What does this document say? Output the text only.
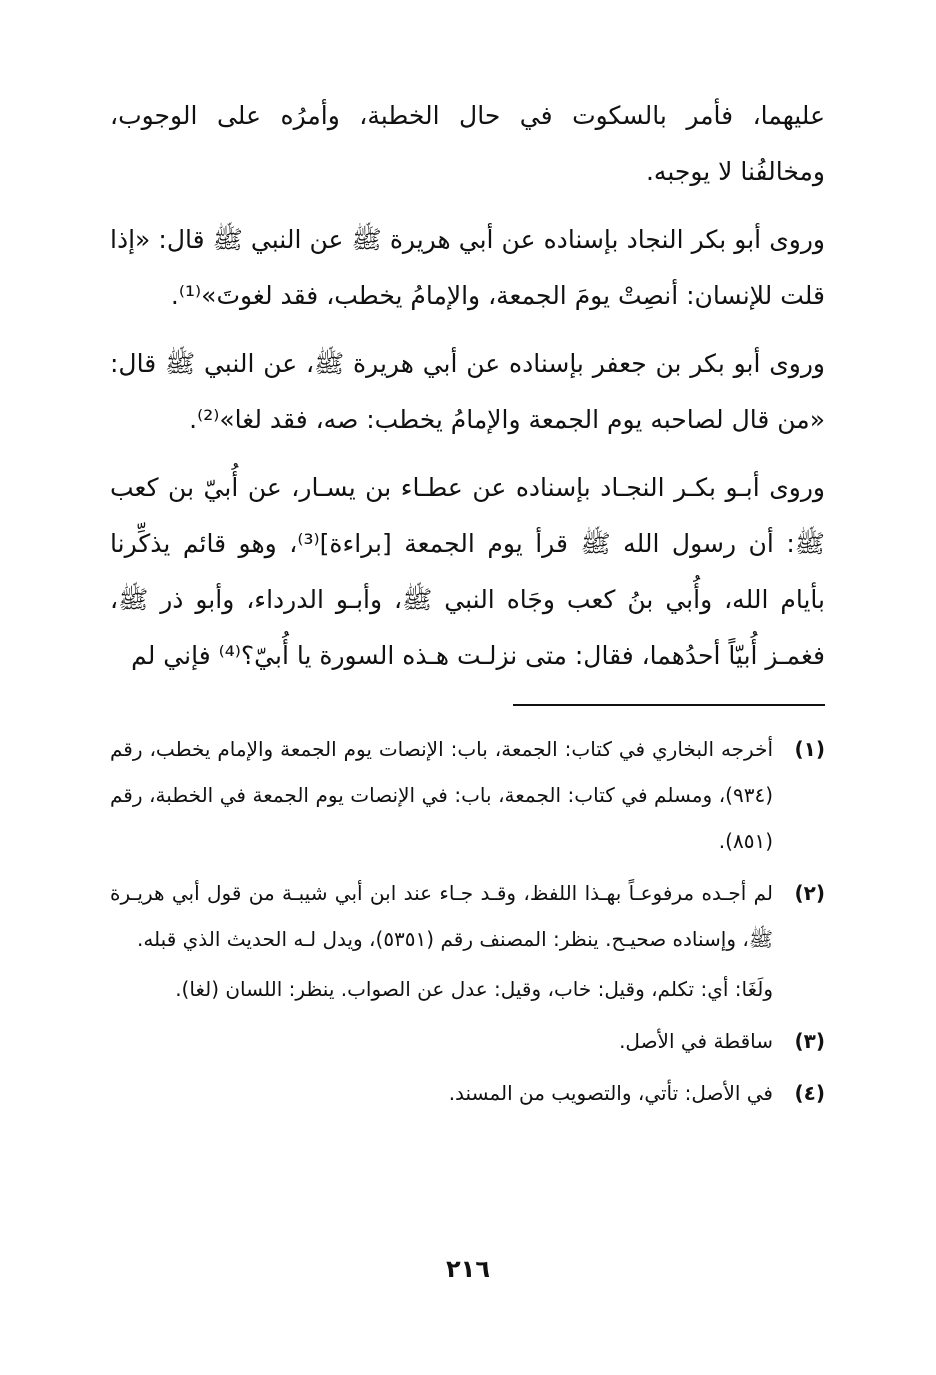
عليهما، فأمر بالسكوت في حال الخطبة، وأمرُه على الوجوب، ومخالفُنا لا يوجبه.

وروى أبو بكر النجاد بإسناده عن أبي هريرة ﷺ عن النبي ﷺ قال: «إذا قلت للإنسان: أنصِتْ يومَ الجمعة، والإمامُ يخطب، فقد لغوتَ»⁽¹⁾.

وروى أبو بكر بن جعفر بإسناده عن أبي هريرة ﷺ، عن النبي ﷺ قال: «من قال لصاحبه يوم الجمعة والإمامُ يخطب: صه، فقد لغا»⁽²⁾.

وروى أبـو بكـر النجـاد بإسناده عن عطـاء بن يسـار، عن أُبيّ بن كعب ﷺ: أن رسول الله ﷺ قرأ يوم الجمعة [براءة]⁽³⁾، وهو قائم يذكِّرنا بأيام الله، وأُبي بنُ كعب وجَاه النبي ﷺ، وأبـو الدرداء، وأبو ذر ﷺ، فغمـز أُبيّاً أحدُهما، فقال: متى نزلـت هـذه السورة يا أُبيّ؟⁽⁴⁾ فإني لم

(١)
أخرجه البخاري في كتاب: الجمعة، باب: الإنصات يوم الجمعة والإمام يخطب، رقم (٩٣٤)، ومسلم في كتاب: الجمعة، باب: في الإنصات يوم الجمعة في الخطبة، رقم (٨٥١).
(٢)
لم أجـده مرفوعـاً بهـذا اللفظ، وقـد جـاء عند ابن أبي شيبـة من قول أبي هريـرة ﷺ، وإسناده صحيـح. ينظر: المصنف رقم (٥٣٥١)، ويدل لـه الحديث الذي قبله.
ولَغَا: أي: تكلم، وقيل: خاب، وقيل: عدل عن الصواب. ينظر: اللسان (لغا).
(٣)
ساقطة في الأصل.
(٤)
في الأصل: تأتي، والتصويب من المسند.
٢١٦
